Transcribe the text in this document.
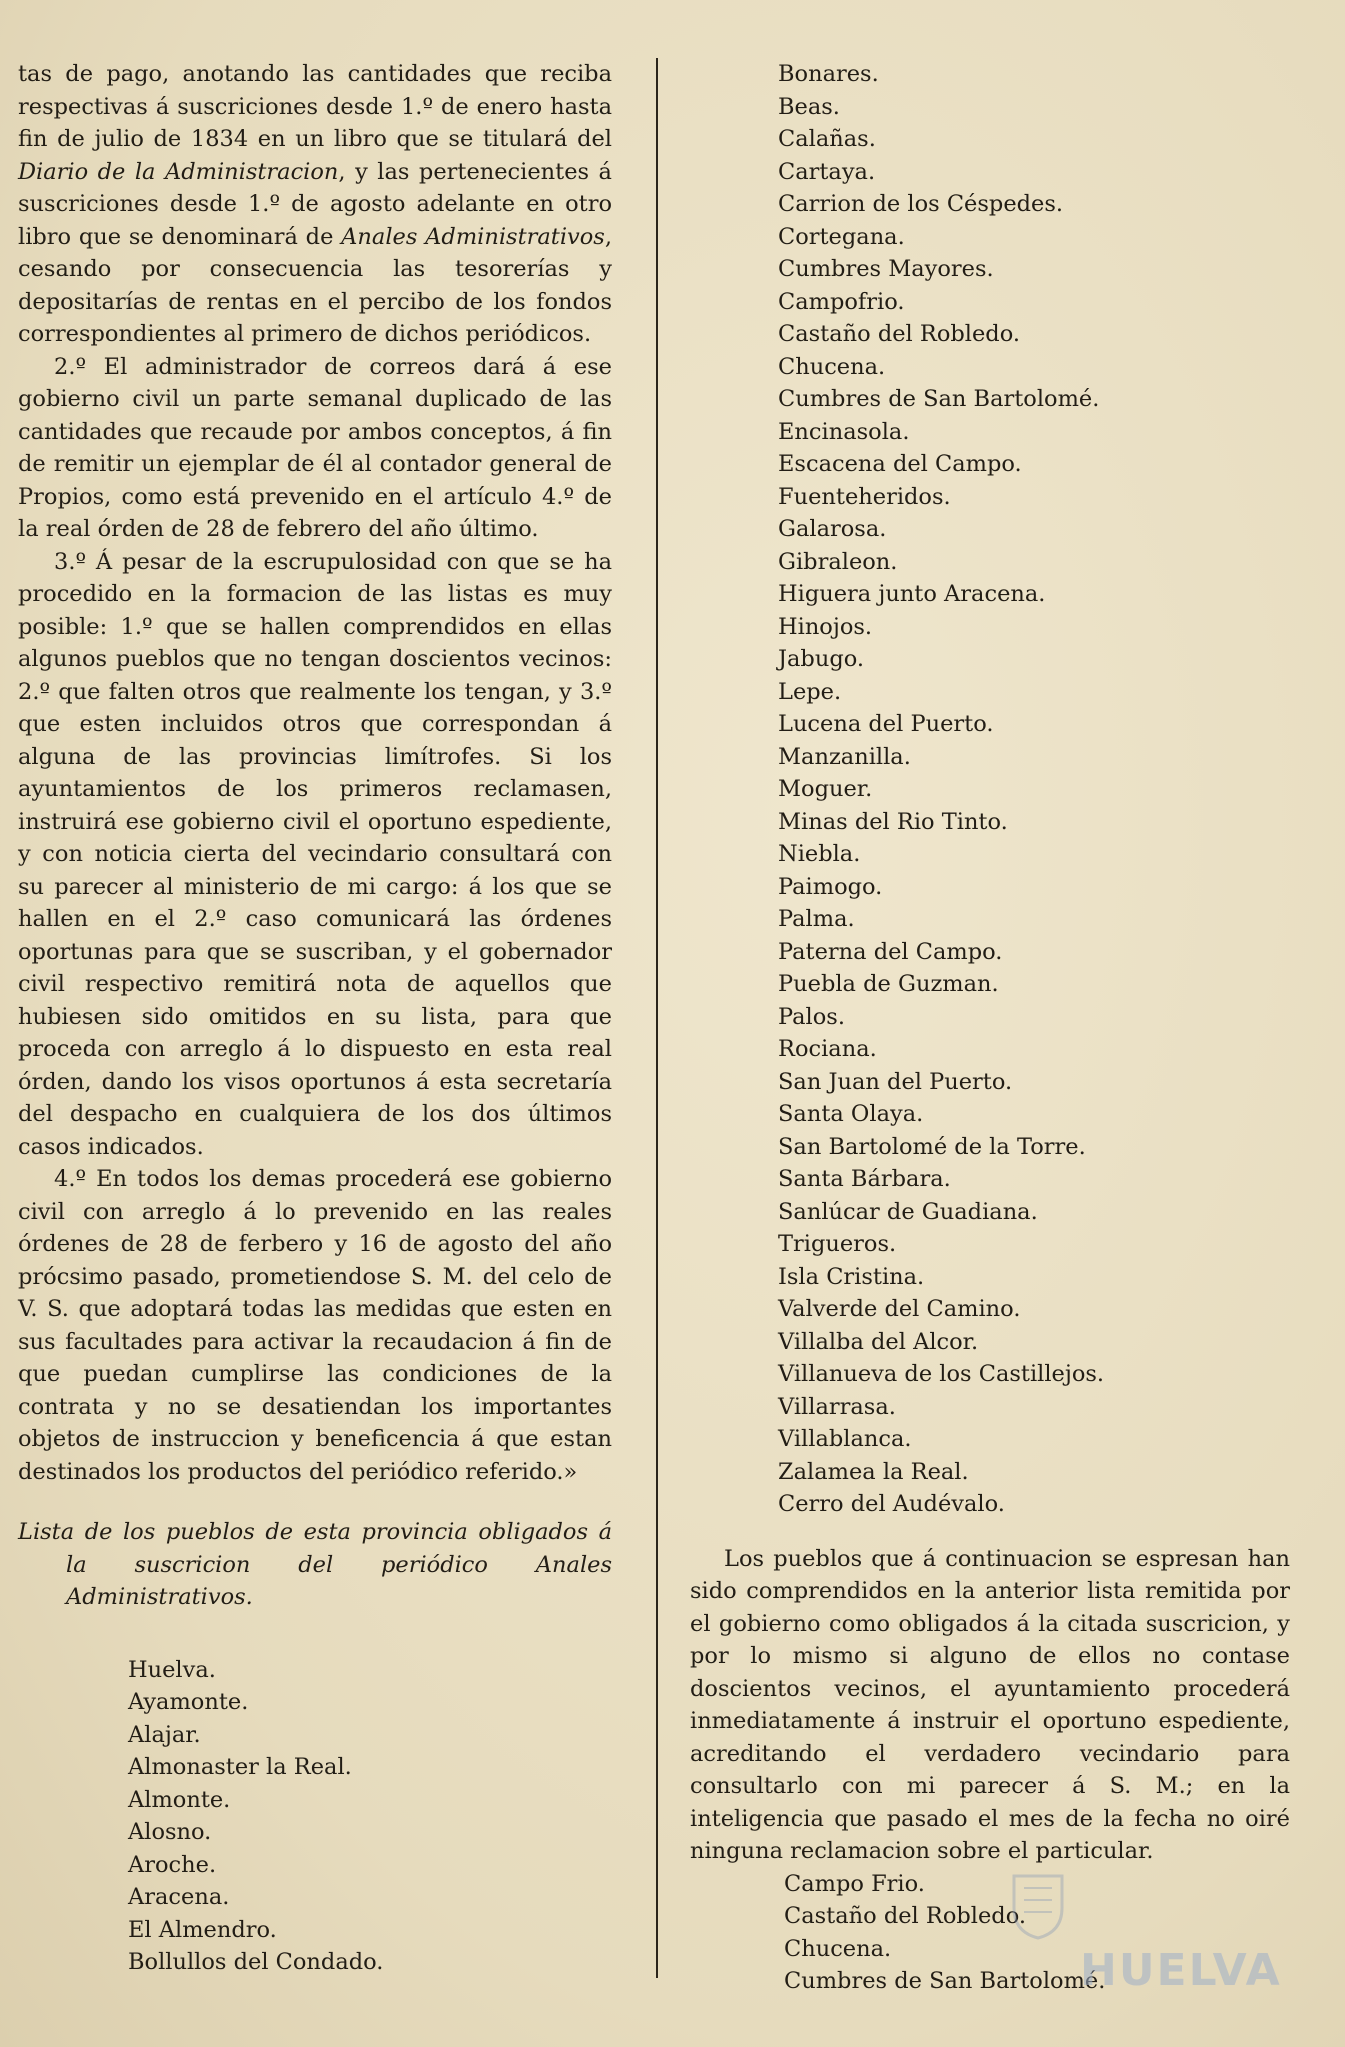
tas de pago, anotando las cantidades que reciba respectivas á suscriciones desde 1.º de enero hasta fin de julio de 1834 en un libro que se titulará del Diario de la Administracion, y las pertenecientes á suscriciones desde 1.º de agosto adelante en otro libro que se denominará de Anales Administrativos, cesando por consecuencia las tesorerías y depositarías de rentas en el percibo de los fondos correspondientes al primero de dichos periódicos.

2.º El administrador de correos dará á ese gobierno civil un parte semanal duplicado de las cantidades que recaude por ambos conceptos, á fin de remitir un ejemplar de él al contador general de Propios, como está prevenido en el artículo 4.º de la real órden de 28 de febrero del año último.

3.º Á pesar de la escrupulosidad con que se ha procedido en la formacion de las listas es muy posible: 1.º que se hallen comprendidos en ellas algunos pueblos que no tengan doscientos vecinos: 2.º que falten otros que realmente los tengan, y 3.º que esten incluidos otros que correspondan á alguna de las provincias limítrofes. Si los ayuntamientos de los primeros reclamasen, instruirá ese gobierno civil el oportuno espediente, y con noticia cierta del vecindario consultará con su parecer al ministerio de mi cargo: á los que se hallen en el 2.º caso comunicará las órdenes oportunas para que se suscriban, y el gobernador civil respectivo remitirá nota de aquellos que hubiesen sido omitidos en su lista, para que proceda con arreglo á lo dispuesto en esta real órden, dando los visos oportunos á esta secretaría del despacho en cualquiera de los dos últimos casos indicados.

4.º En todos los demas procederá ese gobierno civil con arreglo á lo prevenido en las reales órdenes de 28 de ferbero y 16 de agosto del año prócsimo pasado, prometiendose S. M. del celo de V. S. que adoptará todas las medidas que esten en sus facultades para activar la recaudacion á fin de que puedan cumplirse las condiciones de la contrata y no se desatiendan los importantes objetos de instruccion y beneficencia á que estan destinados los productos del periódico referido.»

Lista de los pueblos de esta provincia obligados á la suscricion del periódico Anales Administrativos.

Huelva.
Ayamonte.
Alajar.
Almonaster la Real.
Almonte.
Alosno.
Aroche.
Aracena.
El Almendro.
Bollullos del Condado.
Bonares.
Beas.
Calañas.
Cartaya.
Carrion de los Céspedes.
Cortegana.
Cumbres Mayores.
Campofrio.
Castaño del Robledo.
Chucena.
Cumbres de San Bartolomé.
Encinasola.
Escacena del Campo.
Fuenteheridos.
Galarosa.
Gibraleon.
Higuera junto Aracena.
Hinojos.
Jabugo.
Lepe.
Lucena del Puerto.
Manzanilla.
Moguer.
Minas del Rio Tinto.
Niebla.
Paimogo.
Palma.
Paterna del Campo.
Puebla de Guzman.
Palos.
Rociana.
San Juan del Puerto.
Santa Olaya.
San Bartolomé de la Torre.
Santa Bárbara.
Sanlúcar de Guadiana.
Trigueros.
Isla Cristina.
Valverde del Camino.
Villalba del Alcor.
Villanueva de los Castillejos.
Villarrasa.
Villablanca.
Zalamea la Real.
Cerro del Audévalo.

Los pueblos que á continuacion se espresan han sido comprendidos en la anterior lista remitida por el gobierno como obligados á la citada suscricion, y por lo mismo si alguno de ellos no contase doscientos vecinos, el ayuntamiento procederá inmediatamente á instruir el oportuno espediente, acreditando el verdadero vecindario para consultarlo con mi parecer á S. M.; en la inteligencia que pasado el mes de la fecha no oiré ninguna reclamacion sobre el particular.

Campo Frio.
Castaño del Robledo.
Chucena.
Cumbres de San Bartolomé.
HUELVA
